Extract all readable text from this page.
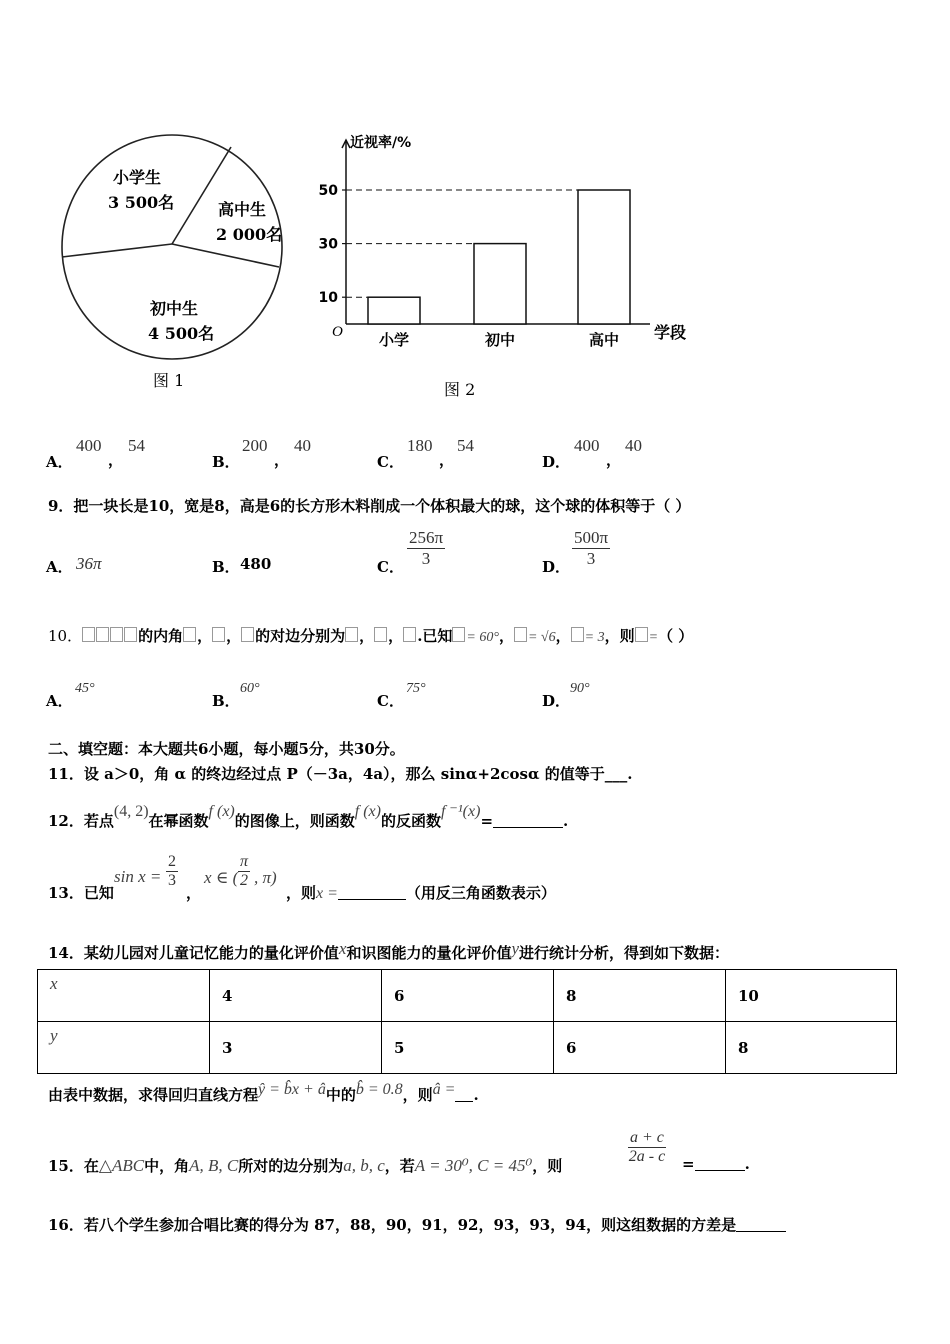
小学生
3 500名	高中生
2 000名
初中生
4 500名
图 1
近视率/%
学段
O 小学	初中	高中
10
30
50
图 2
A．
400
，
54
B．
200
，
40
C．
180
，
54
D．
400
，
40
9．把一块长是10，宽是8，高是6的长方形木料削成一个体积最大的球，这个球的体积等于（ ）
A． 36π	B． 480	C． $\frac{256\pi}{3}$	D． $\frac{500\pi}{3}$
10．	的内角 ， ， 的对边分别为 ， ， .已知 = 60°， = √6， = 3，则 =（ ）
A．
45°
B．
60°
C．
75°
D．
90°
二、填空题：本大题共6小题，每小题5分，共30分。
11．设 a＞0，角 α 的终边经过点 P（－3a，4a），那么 sinα+2cosα 的值等于___.
12．若点(4, 2)在幂函数f (x)的图像上，则函数f (x)的反函数f ⁻¹(x)=	.
13．已知
$\sin x = \frac{2}{3}$
，
x ∈ ( $\frac{\pi}{2}$ , π)
，则x =	（用反三角函数表示）
14．某幼儿园对儿童记忆能力的量化评价值x和识图能力的量化评价值y进行统计分析，得到如下数据：
x	4	6	8	10
y	3	5	6	8
由表中数据，求得回归直线方程ŷ = b̂x + â中的b̂ = 0.8，则â = .
15．在△ABC中，角A, B, C所对的边分别为a, b, c，若A = 30⁰, C = 45⁰，则	$\frac{a + c}{2a - c}$ =	.
16．若八个学生参加合唱比赛的得分为 87，88，90，91，92，93，93，94，则这组数据的方差是
